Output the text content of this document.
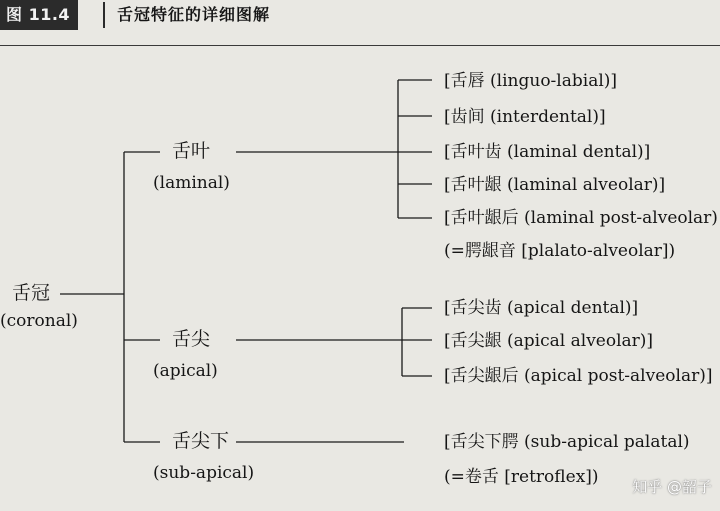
图 11.4	舌冠特征的详细图解
舌冠
(coronal)
舌叶
(laminal)
[舌唇 (linguo-labial)]
[齿间 (interdental)]
[舌叶齿 (laminal dental)]
[舌叶龈 (laminal alveolar)]
[舌叶龈后 (laminal post-alveolar)
(=腭龈音 [plalato-alveolar])
舌尖
(apical)
[舌尖齿 (apical dental)]
[舌尖龈 (apical alveolar)]
[舌尖龈后 (apical post-alveolar)]
舌尖下
(sub-apical)
[舌尖下腭 (sub-apical palatal)
(=卷舌 [retroflex]) 知乎 @韶子
